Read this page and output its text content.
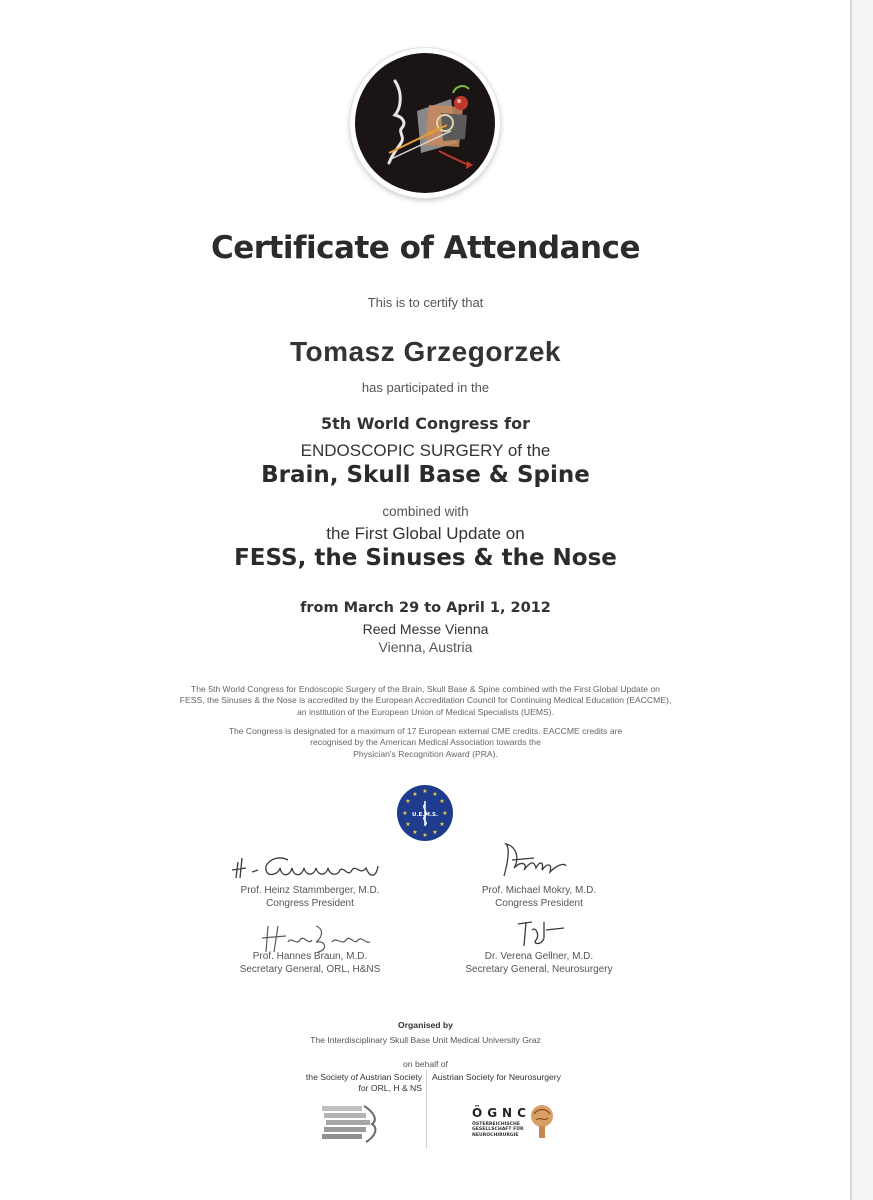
Certificate of Attendance
This is to certify that
Tomasz Grzegorzek
has participated in the
5th World Congress for
ENDOSCOPIC SURGERY of the
Brain, Skull Base & Spine
combined with
the First Global Update on
FESS, the Sinuses & the Nose
from March 29 to April 1, 2012
Reed Messe Vienna
Vienna, Austria
The 5th World Congress for Endoscopic Surgery of the Brain, Skull Base & Spine combined with the First Global Update on
FESS, the Sinuses & the Nose is accredited by the European Accreditation Council for Continuing Medical Education (EACCME),
an institution of the European Union of Medical Specialists (UEMS).
The Congress is designated for a maximum of 17 European external CME credits. EACCME credits are
recognised by the American Medical Association towards the
Physician's Recognition Award (PRA).
★ ★
★
★
★
★
★
★
★
★
★
★
U.E.M.S.
Prof. Heinz Stammberger, M.D.
Congress President
Prof. Michael Mokry, M.D.
Congress President
Prof. Hannes Braun, M.D.
Secretary General, ORL, H&NS
Dr. Verena Gellner, M.D.
Secretary General, Neurosurgery
Organised by
The Interdisciplinary Skull Base Unit Medical University Graz
on behalf of
the Society of Austrian Society
for ORL, H & NS
Austrian Society for Neurosurgery
ÖGNC
ÖSTERREICHISCHE
GESELLSCHAFT FÜR
NEUROCHIRURGIE
